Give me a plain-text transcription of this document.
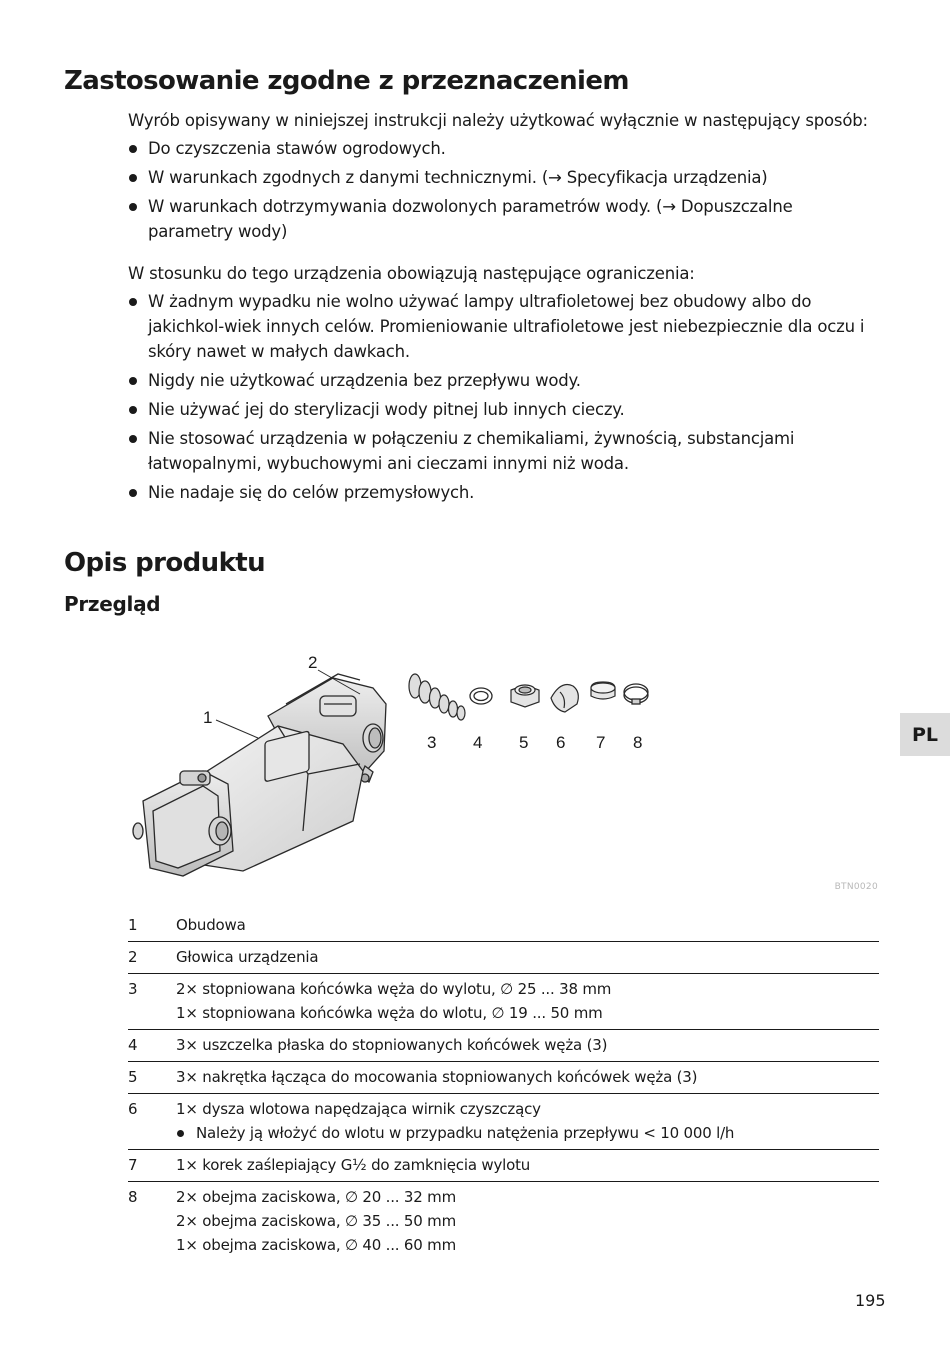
Zastosowanie zgodne z przeznaczeniem

Wyrób opisywany w niniejszej instrukcji należy użytkować wyłącznie w następujący sposób:

Do czyszczenia stawów ogrodowych.
W warunkach zgodnych z danymi technicznymi. (→ Specyfikacja urządzenia)
W warunkach dotrzymywania dozwolonych parametrów wody. (→ Dopuszczalne parametry wody)

W stosunku do tego urządzenia obowiązują następujące ograniczenia:

W żadnym wypadku nie wolno używać lampy ultrafioletowej bez obudowy albo do jakichkol-wiek innych celów. Promieniowanie ultrafioletowe jest niebezpiecznie dla oczu i skóry nawet w małych dawkach.
Nigdy nie użytkować urządzenia bez przepływu wody.
Nie używać jej do sterylizacji wody pitnej lub innych cieczy.
Nie stosować urządzenia w połączeniu z chemikaliami, żywnością, substancjami łatwopalnymi, wybuchowymi ani cieczami innymi niż woda.
Nie nadaje się do celów przemysłowych.
Opis produktu
Przegląd
PL
1
2
3 4 5 6 7 8
BTN0020
1	Obudowa
2	Głowica urządzenia
3	2× stopniowana końcówka węża do wylotu, ∅ 25 ... 38 mm
1× stopniowana końcówka węża do wlotu, ∅ 19 ... 50 mm
4	3× uszczelka płaska do stopniowanych końcówek węża (3)
5	3× nakrętka łącząca do mocowania stopniowanych końcówek węża (3)
6	1× dysza wlotowa napędzająca wirnik czyszczący
Należy ją włożyć do wlotu w przypadku natężenia przepływu < 10 000 l/h
7	1× korek zaślepiający G½ do zamknięcia wylotu
8	2× obejma zaciskowa, ∅ 20 ... 32 mm
2× obejma zaciskowa, ∅ 35 ... 50 mm
1× obejma zaciskowa, ∅ 40 ... 60 mm
195
